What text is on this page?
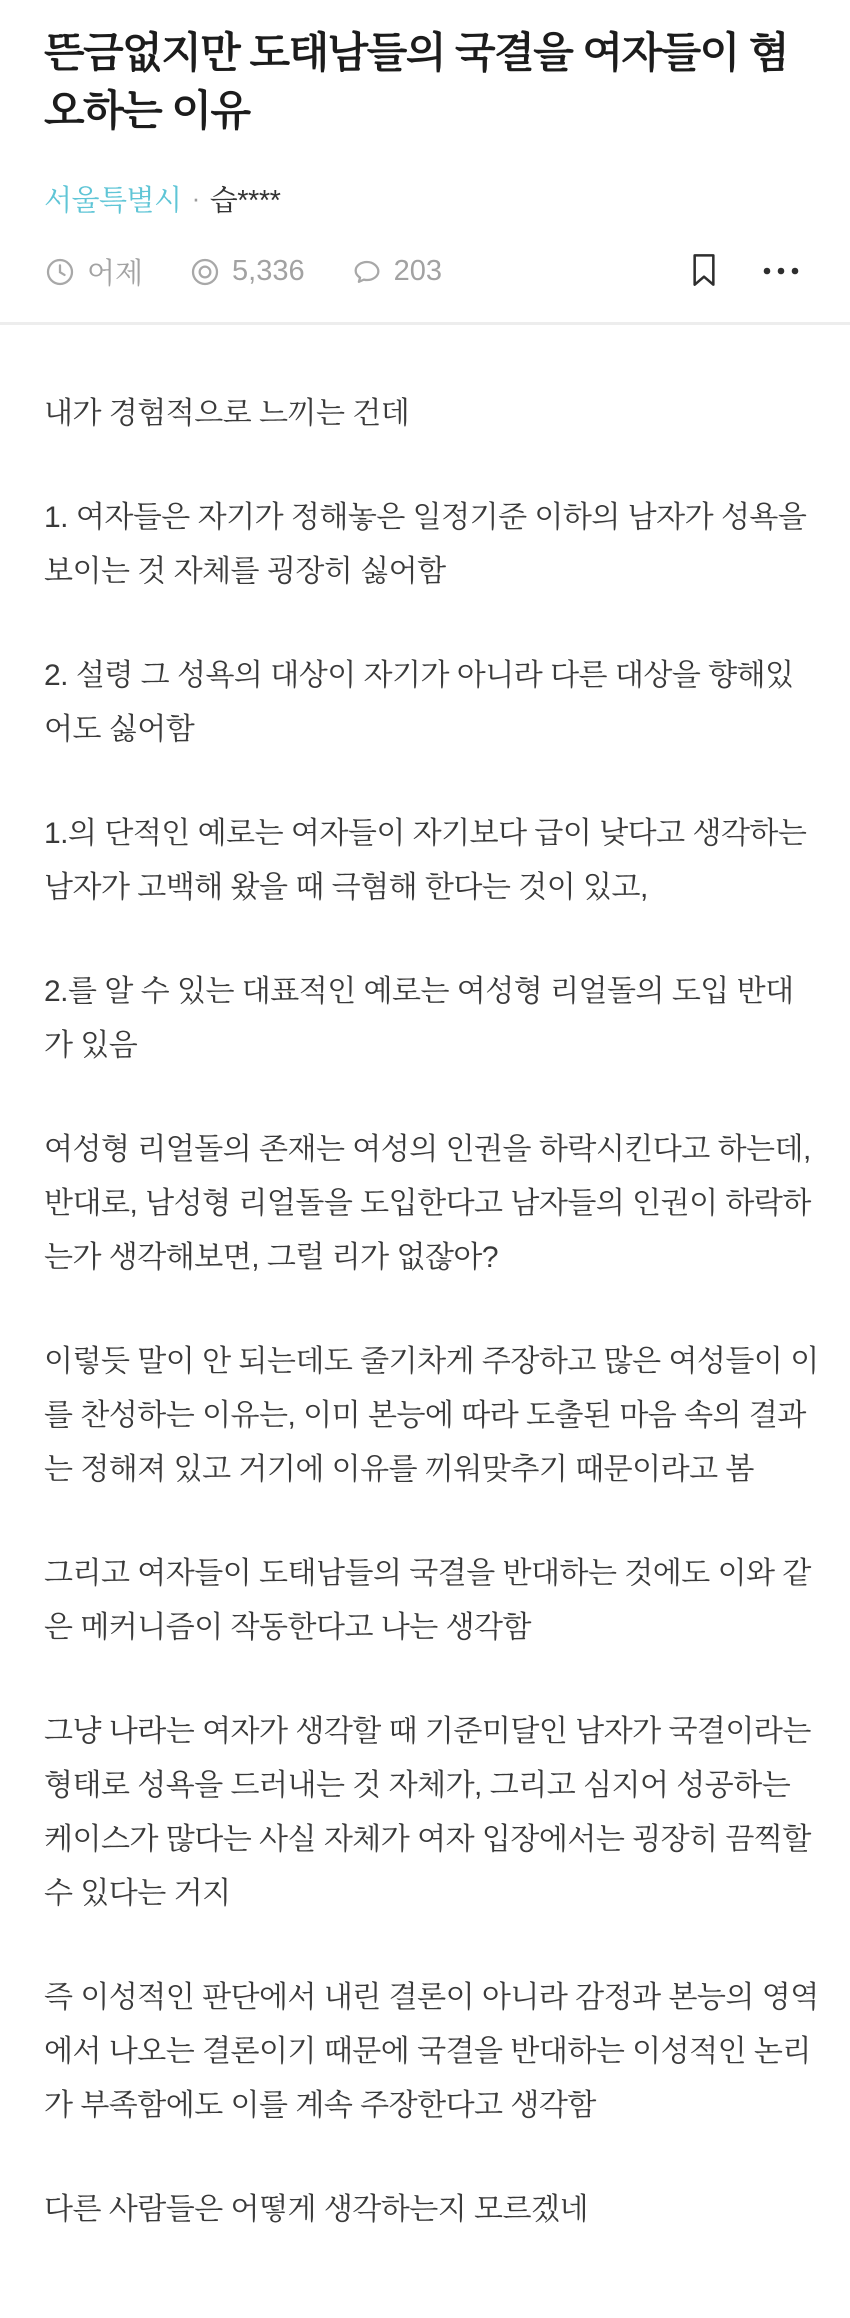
뜬금없지만 도태남들의 국결을 여자들이 혐오하는 이유
서울특별시 · 습****
어제	5,336	203

내가 경험적으로 느끼는 건데

1. 여자들은 자기가 정해놓은 일정기준 이하의 남자가 성욕을 보이는 것 자체를 굉장히 싫어함

2. 설령 그 성욕의 대상이 자기가 아니라 다른 대상을 향해있어도 싫어함

1.의 단적인 예로는 여자들이 자기보다 급이 낮다고 생각하는 남자가 고백해 왔을 때 극혐해 한다는 것이 있고,

2.를 알 수 있는 대표적인 예로는 여성형 리얼돌의 도입 반대가 있음

여성형 리얼돌의 존재는 여성의 인권을 하락시킨다고 하는데, 반대로, 남성형 리얼돌을 도입한다고 남자들의 인권이 하락하는가 생각해보면, 그럴 리가 없잖아?

이렇듯 말이 안 되는데도 줄기차게 주장하고 많은 여성들이 이를 찬성하는 이유는, 이미 본능에 따라 도출된 마음 속의 결과는 정해져 있고 거기에 이유를 끼워맞추기 때문이라고 봄

그리고 여자들이 도태남들의 국결을 반대하는 것에도 이와 같은 메커니즘이 작동한다고 나는 생각함

그냥 나라는 여자가 생각할 때 기준미달인 남자가 국결이라는 형태로 성욕을 드러내는 것 자체가, 그리고 심지어 성공하는 케이스가 많다는 사실 자체가 여자 입장에서는 굉장히 끔찍할 수 있다는 거지

즉 이성적인 판단에서 내린 결론이 아니라 감정과 본능의 영역에서 나오는 결론이기 때문에 국결을 반대하는 이성적인 논리가 부족함에도 이를 계속 주장한다고 생각함

다른 사람들은 어떻게 생각하는지 모르겠네
